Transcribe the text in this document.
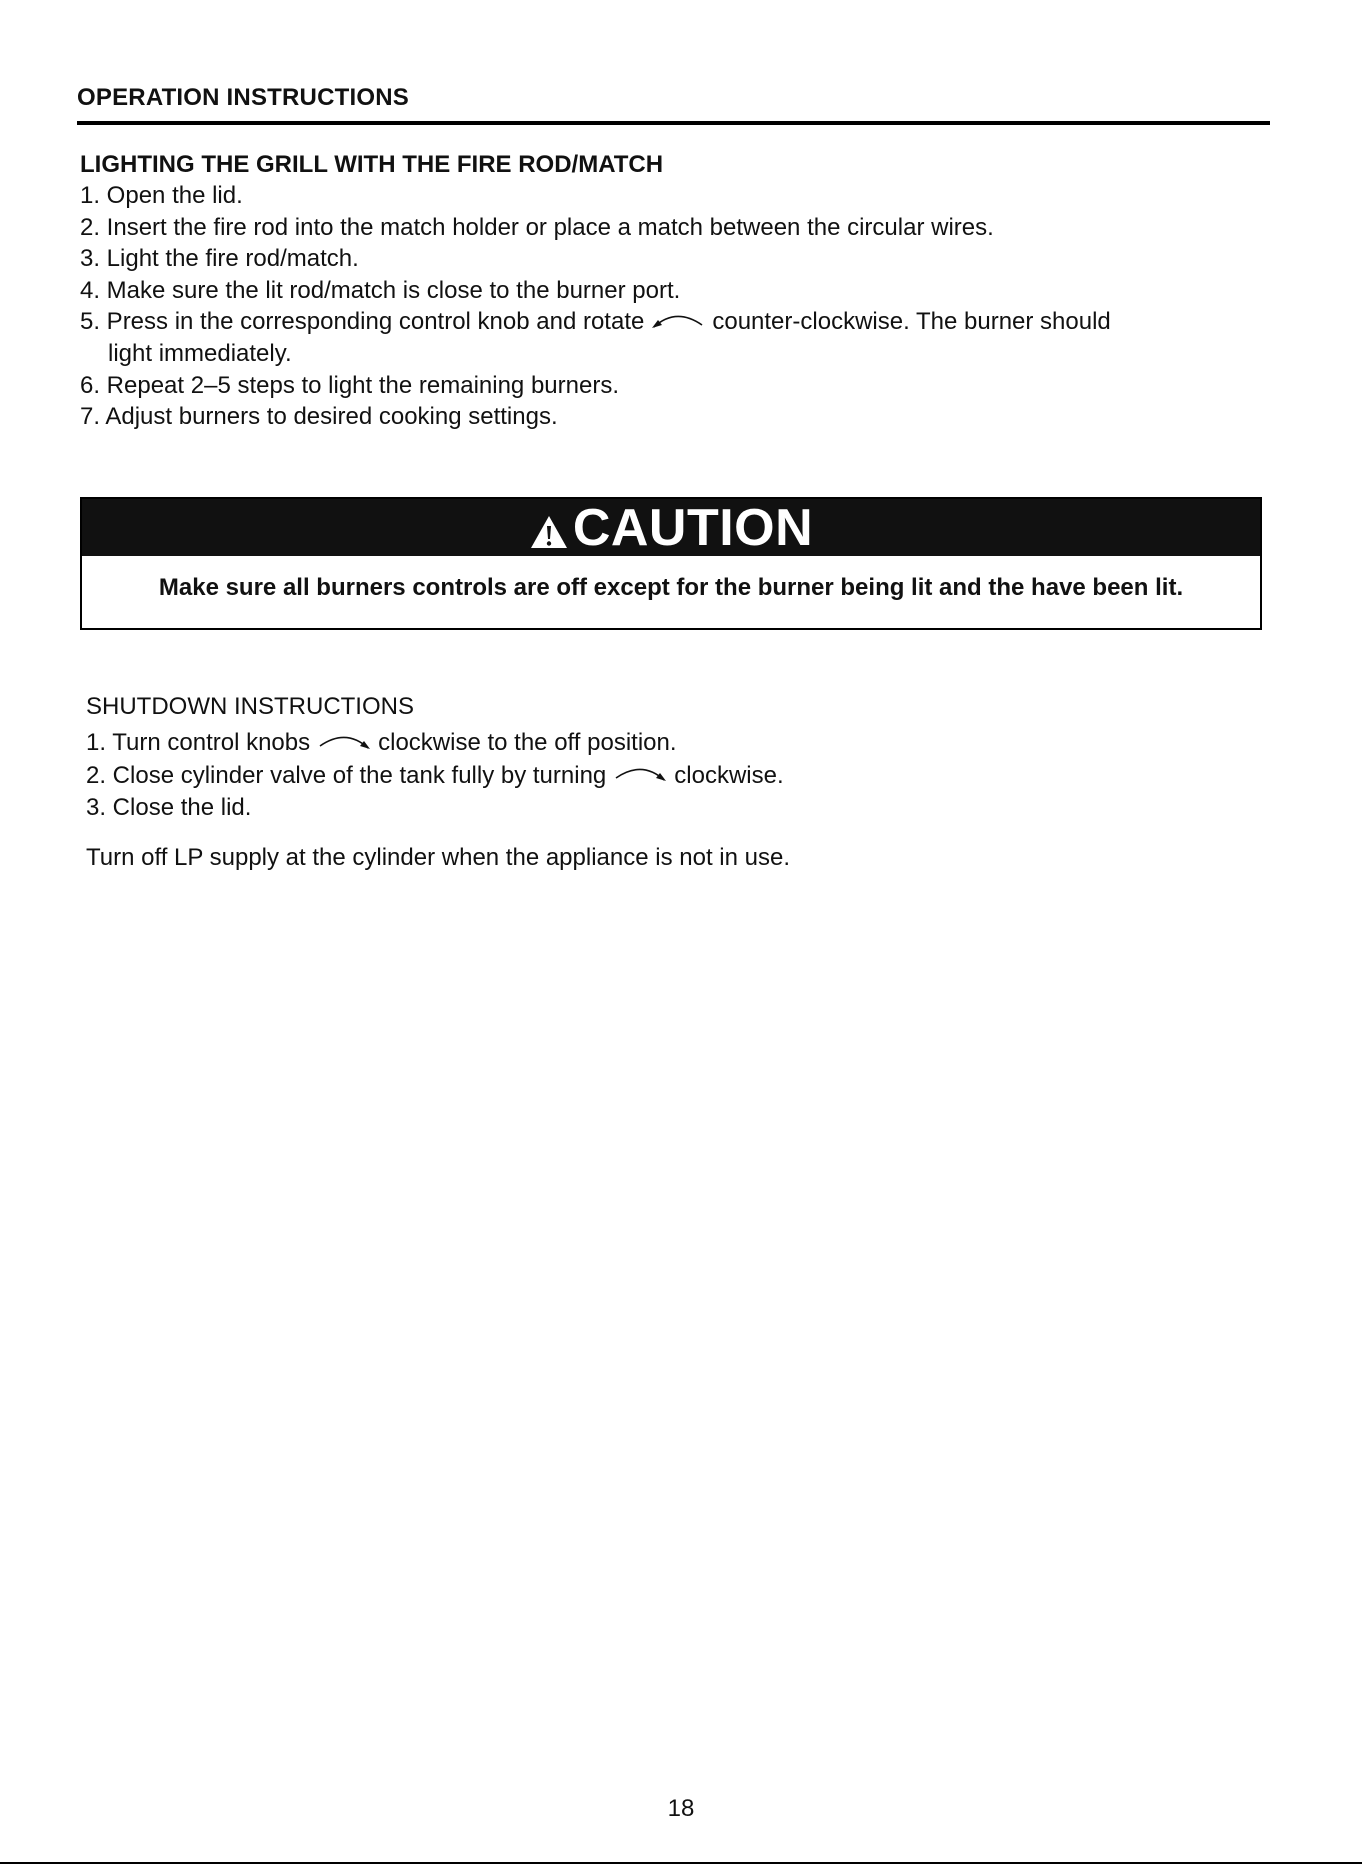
OPERATION INSTRUCTIONS
LIGHTING THE GRILL WITH THE FIRE ROD/MATCH
1. Open the lid.
2. Insert the fire rod into the match holder or place a match between the circular wires.
3. Light the fire rod/match.
4. Make sure the lit rod/match is close to the burner port.
5. Press in the corresponding control knob and rotate	counter-clockwise. The burner should
light immediately.
6. Repeat 2–5 steps to light the remaining burners.
7. Adjust burners to desired cooking settings.
CAUTION
Make sure all burners controls are off except for the burner being lit and the have been lit.
SHUTDOWN INSTRUCTIONS
1. Turn control knobs	clockwise to the off position.
2. Close cylinder valve of the tank fully by turning	clockwise.
3. Close the lid.
Turn off LP supply at the cylinder when the appliance is not in use.
18
